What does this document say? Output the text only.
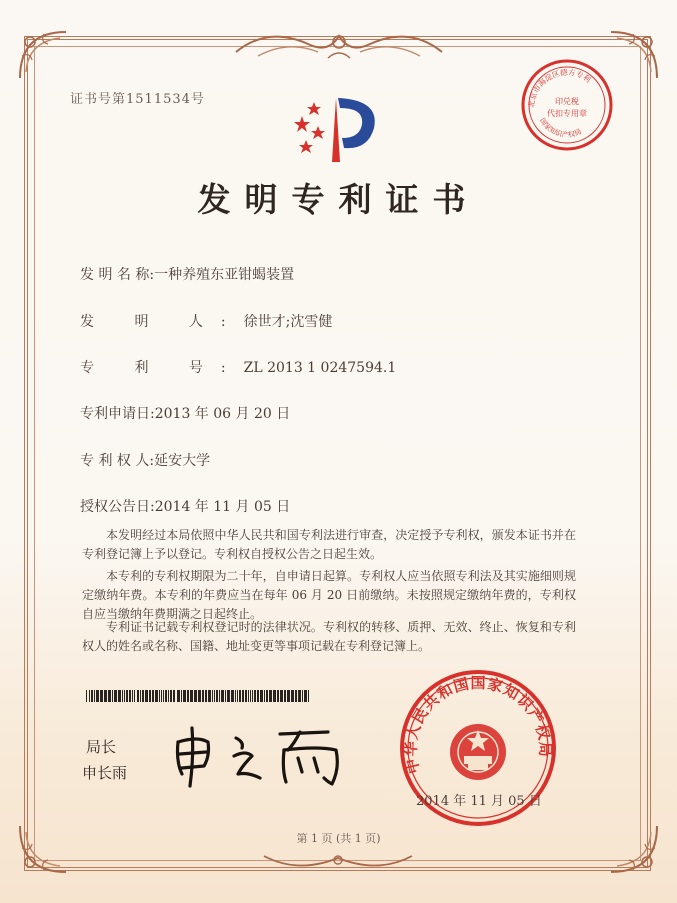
证书号第1511534号	北京市海淀区德方专利
印兑税
代扣专用章
国家知识产权局
发明专利证书
发 明 名 称:一种养殖东亚钳蝎装置
发 明 人:徐世才;沈雪健
专 利 号:ZL 2013 1 0247594.1
专利申请日:2013 年 06 月 20 日
专 利 权 人:延安大学
授权公告日:2014 年 11 月 05 日
本发明经过本局依照中华人民共和国专利法进行审查，决定授予专利权，颁发本证书并在专利登记簿上予以登记。专利权自授权公告之日起生效。
本专利的专利权期限为二十年，自申请日起算。专利权人应当依照专利法及其实施细则规定缴纳年费。本专利的年费应当在每年 06 月 20 日前缴纳。未按照规定缴纳年费的，专利权自应当缴纳年费期满之日起终止。
专利证书记载专利权登记时的法律状况。专利权的转移、质押、无效、终止、恢复和专利权人的姓名或名称、国籍、地址变更等事项记载在专利登记簿上。
局长
申长雨	中华人民共和国国家知识产权局
2014 年 11 月 05 日
第 1 页 (共 1 页)
